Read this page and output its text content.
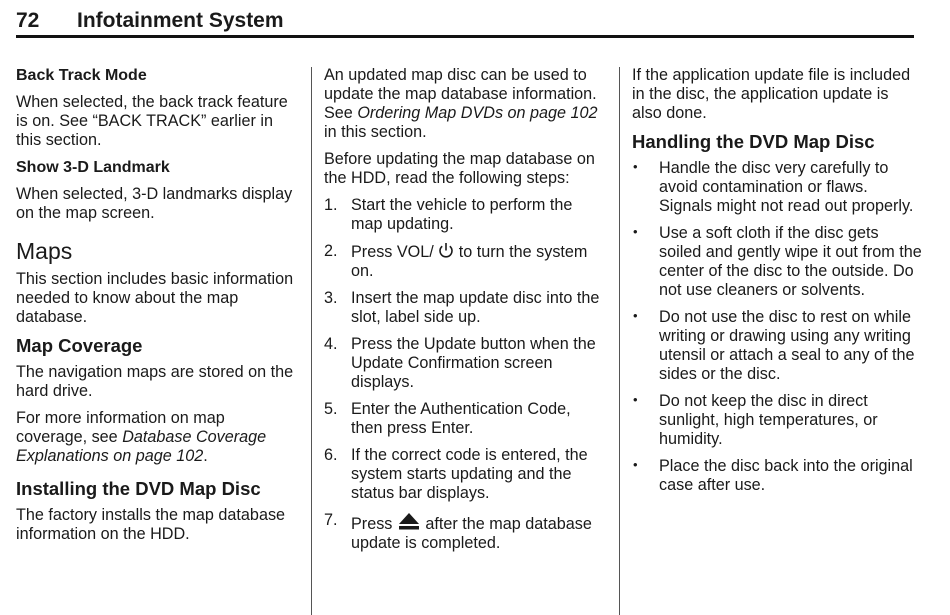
72 Infotainment System
Back Track Mode

When selected, the back track feature is on. See “BACK TRACK” earlier in this section.

Show 3-D Landmark

When selected, 3-D landmarks display on the map screen.

Maps

This section includes basic information needed to know about the map database.

Map Coverage

The navigation maps are stored on the hard drive.

For more information on map coverage, see Database Coverage Explanations on page 102.

Installing the DVD Map Disc

The factory installs the map database information on the HDD.

An updated map disc can be used to update the map database information. See Ordering Map DVDs on page 102 in this section.

Before updating the map database on the HDD, read the following steps:

1. Start the vehicle to perform the map updating.
2. Press VOL/  to turn the system on.
3. Insert the map update disc into the slot, label side up.
4. Press the Update button when the Update Confirmation screen displays.
5. Enter the Authentication Code, then press Enter.
6. If the correct code is entered, the system starts updating and the status bar displays.
7. Press  after the map database update is completed.

If the application update file is included in the disc, the application update is also done.

Handling the DVD Map Disc
•	Handle the disc very carefully to avoid contamination or flaws. Signals might not read out properly.
•	Use a soft cloth if the disc gets soiled and gently wipe it out from the center of the disc to the outside. Do not use cleaners or solvents.
•	Do not use the disc to rest on while writing or drawing using any writing utensil or attach a seal to any of the sides or the disc.
•	Do not keep the disc in direct sunlight, high temperatures, or humidity.
•	Place the disc back into the original case after use.
